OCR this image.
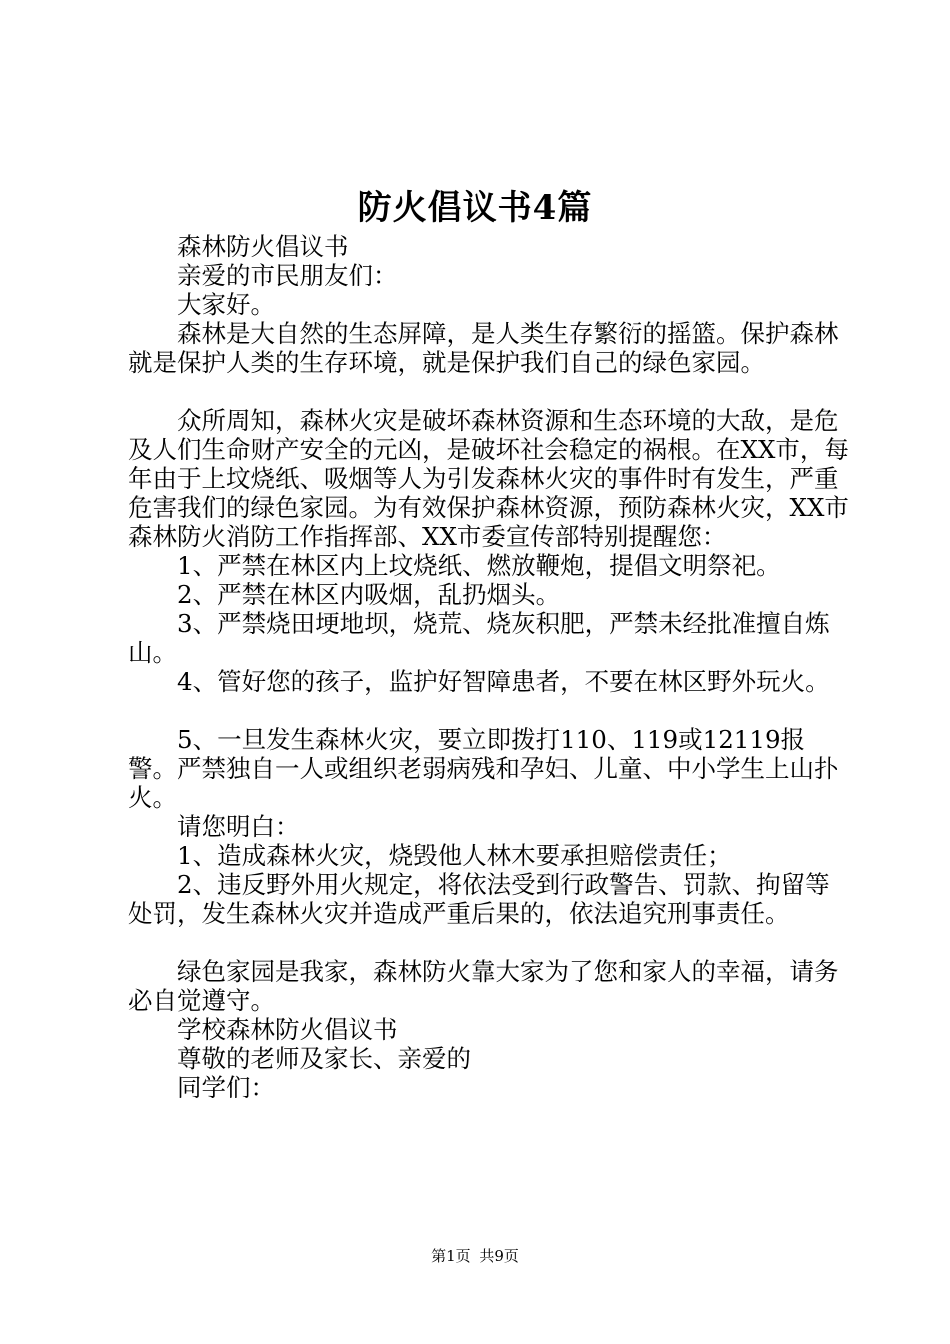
防火倡议书4篇

森林防火倡议书

亲爱的市民朋友们：

大家好。

森林是大自然的生态屏障，是人类生存繁衍的摇篮。保护森林就是保护人类的生存环境，就是保护我们自己的绿色家园。

众所周知，森林火灾是破坏森林资源和生态环境的大敌，是危及人们生命财产安全的元凶，是破坏社会稳定的祸根。在XX市，每年由于上坟烧纸、吸烟等人为引发森林火灾的事件时有发生，严重危害我们的绿色家园。为有效保护森林资源，预防森林火灾，XX市森林防火消防工作指挥部、XX市委宣传部特别提醒您：

1、严禁在林区内上坟烧纸、燃放鞭炮，提倡文明祭祀。

2、严禁在林区内吸烟，乱扔烟头。

3、严禁烧田埂地坝，烧荒、烧灰积肥，严禁未经批准擅自炼山。

4、管好您的孩子，监护好智障患者，不要在林区野外玩火。

5、一旦发生森林火灾，要立即拨打110、119或12119报警。严禁独自一人或组织老弱病残和孕妇、儿童、中小学生上山扑火。

请您明白：

1、造成森林火灾，烧毁他人林木要承担赔偿责任；

2、违反野外用火规定，将依法受到行政警告、罚款、拘留等处罚，发生森林火灾并造成严重后果的，依法追究刑事责任。

绿色家园是我家，森林防火靠大家为了您和家人的幸福，请务必自觉遵守。

学校森林防火倡议书

尊敬的老师及家长、亲爱的

同学们：

第1页 共9页
